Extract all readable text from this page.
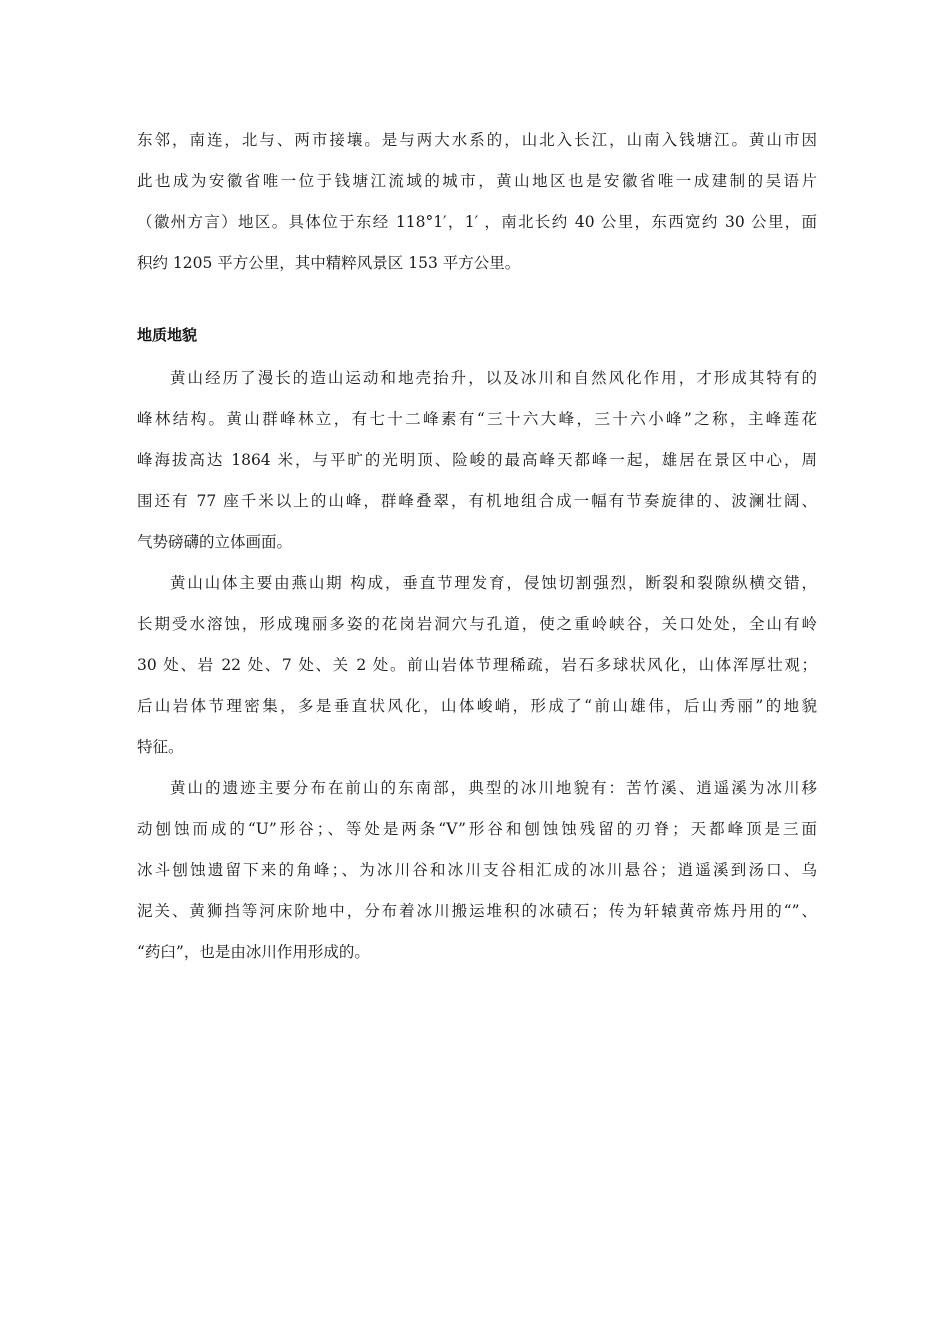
东邻，南连，北与、两市接壤。是与两大水系的，山北入长江，山南入钱塘江。黄山市因
此也成为安徽省唯一位于钱塘江流域的城市，黄山地区也是安徽省唯一成建制的吴语片
（徽州方言）地区。具体位于东经 118°1′，1′ ，南北长约 40 公里，东西宽约 30 公里，面
积约 1205 平方公里，其中精粹风景区 153 平方公里。
地质地貌
黄山经历了漫长的造山运动和地壳抬升，以及冰川和自然风化作用，才形成其特有的
峰林结构。黄山群峰林立，有七十二峰素有“三十六大峰，三十六小峰”之称，主峰莲花
峰海拔高达 1864 米，与平旷的光明顶、险峻的最高峰天都峰一起，雄居在景区中心，周
围还有 77 座千米以上的山峰，群峰叠翠，有机地组合成一幅有节奏旋律的、波澜壮阔、
气势磅礴的立体画面。
黄山山体主要由燕山期 构成，垂直节理发育，侵蚀切割强烈，断裂和裂隙纵横交错，
长期受水溶蚀，形成瑰丽多姿的花岗岩洞穴与孔道，使之重岭峡谷，关口处处，全山有岭
30 处、岩 22 处、7 处、关 2 处。前山岩体节理稀疏，岩石多球状风化，山体浑厚壮观；
后山岩体节理密集，多是垂直状风化，山体峻峭，形成了“前山雄伟，后山秀丽”的地貌
特征。
黄山的遗迹主要分布在前山的东南部，典型的冰川地貌有：苦竹溪、逍遥溪为冰川移
动刨蚀而成的“U”形谷；、等处是两条“V”形谷和刨蚀蚀残留的刃脊；天都峰顶是三面
冰斗刨蚀遗留下来的角峰；、为冰川谷和冰川支谷相汇成的冰川悬谷；逍遥溪到汤口、乌
泥关、黄狮挡等河床阶地中，分布着冰川搬运堆积的冰碛石；传为轩辕黄帝炼丹用的“”、
“药臼”，也是由冰川作用形成的。
